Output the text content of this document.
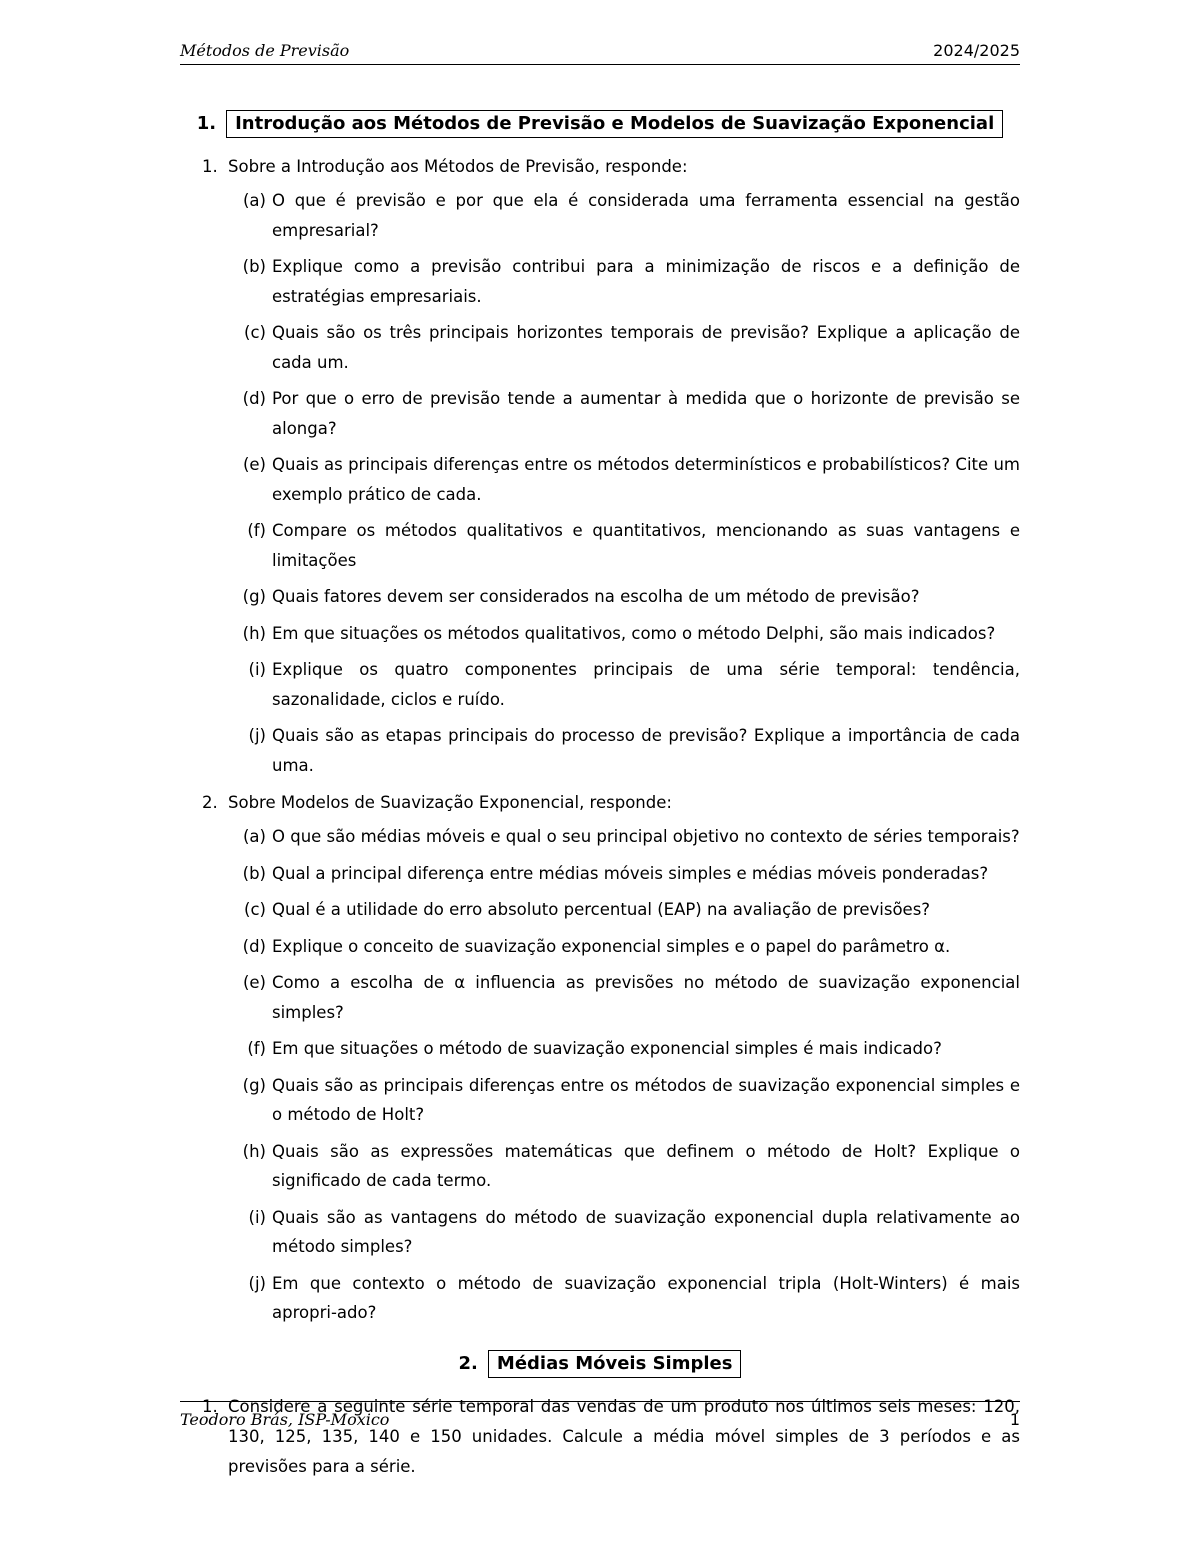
Métodos de Previsão	2024/2025
1. Introdução aos Métodos de Previsão e Modelos de Suavização Exponencial

1. Sobre a Introdução aos Métodos de Previsão, responde:

(a) O que é previsão e por que ela é considerada uma ferramenta essencial na gestão empresarial?
(b) Explique como a previsão contribui para a minimização de riscos e a definição de estratégias empresariais.
(c) Quais são os três principais horizontes temporais de previsão? Explique a aplicação de cada um.
(d) Por que o erro de previsão tende a aumentar à medida que o horizonte de previsão se alonga?
(e) Quais as principais diferenças entre os métodos determinísticos e probabilísticos? Cite um exemplo prático de cada.
(f) Compare os métodos qualitativos e quantitativos, mencionando as suas vantagens e limitações
(g) Quais fatores devem ser considerados na escolha de um método de previsão?
(h) Em que situações os métodos qualitativos, como o método Delphi, são mais indicados?
(i) Explique os quatro componentes principais de uma série temporal: tendência, sazonalidade, ciclos e ruído.
(j) Quais são as etapas principais do processo de previsão? Explique a importância de cada uma.

2. Sobre Modelos de Suavização Exponencial, responde:

(a) O que são médias móveis e qual o seu principal objetivo no contexto de séries temporais?
(b) Qual a principal diferença entre médias móveis simples e médias móveis ponderadas?
(c) Qual é a utilidade do erro absoluto percentual (EAP) na avaliação de previsões?
(d) Explique o conceito de suavização exponencial simples e o papel do parâmetro α.
(e) Como a escolha de α influencia as previsões no método de suavização exponencial simples?
(f) Em que situações o método de suavização exponencial simples é mais indicado?
(g) Quais são as principais diferenças entre os métodos de suavização exponencial simples e o método de Holt?
(h) Quais são as expressões matemáticas que definem o método de Holt? Explique o significado de cada termo.
(i) Quais são as vantagens do método de suavização exponencial dupla relativamente ao método simples?
(j) Em que contexto o método de suavização exponencial tripla (Holt-Winters) é mais apropri-ado?
2. Médias Móveis Simples

1. Considere a seguinte série temporal das vendas de um produto nos últimos seis meses: 120, 130, 125, 135, 140 e 150 unidades. Calcule a média móvel simples de 3 períodos e as previsões para a série.

Teodoro Brás, ISP-Moxico	1
